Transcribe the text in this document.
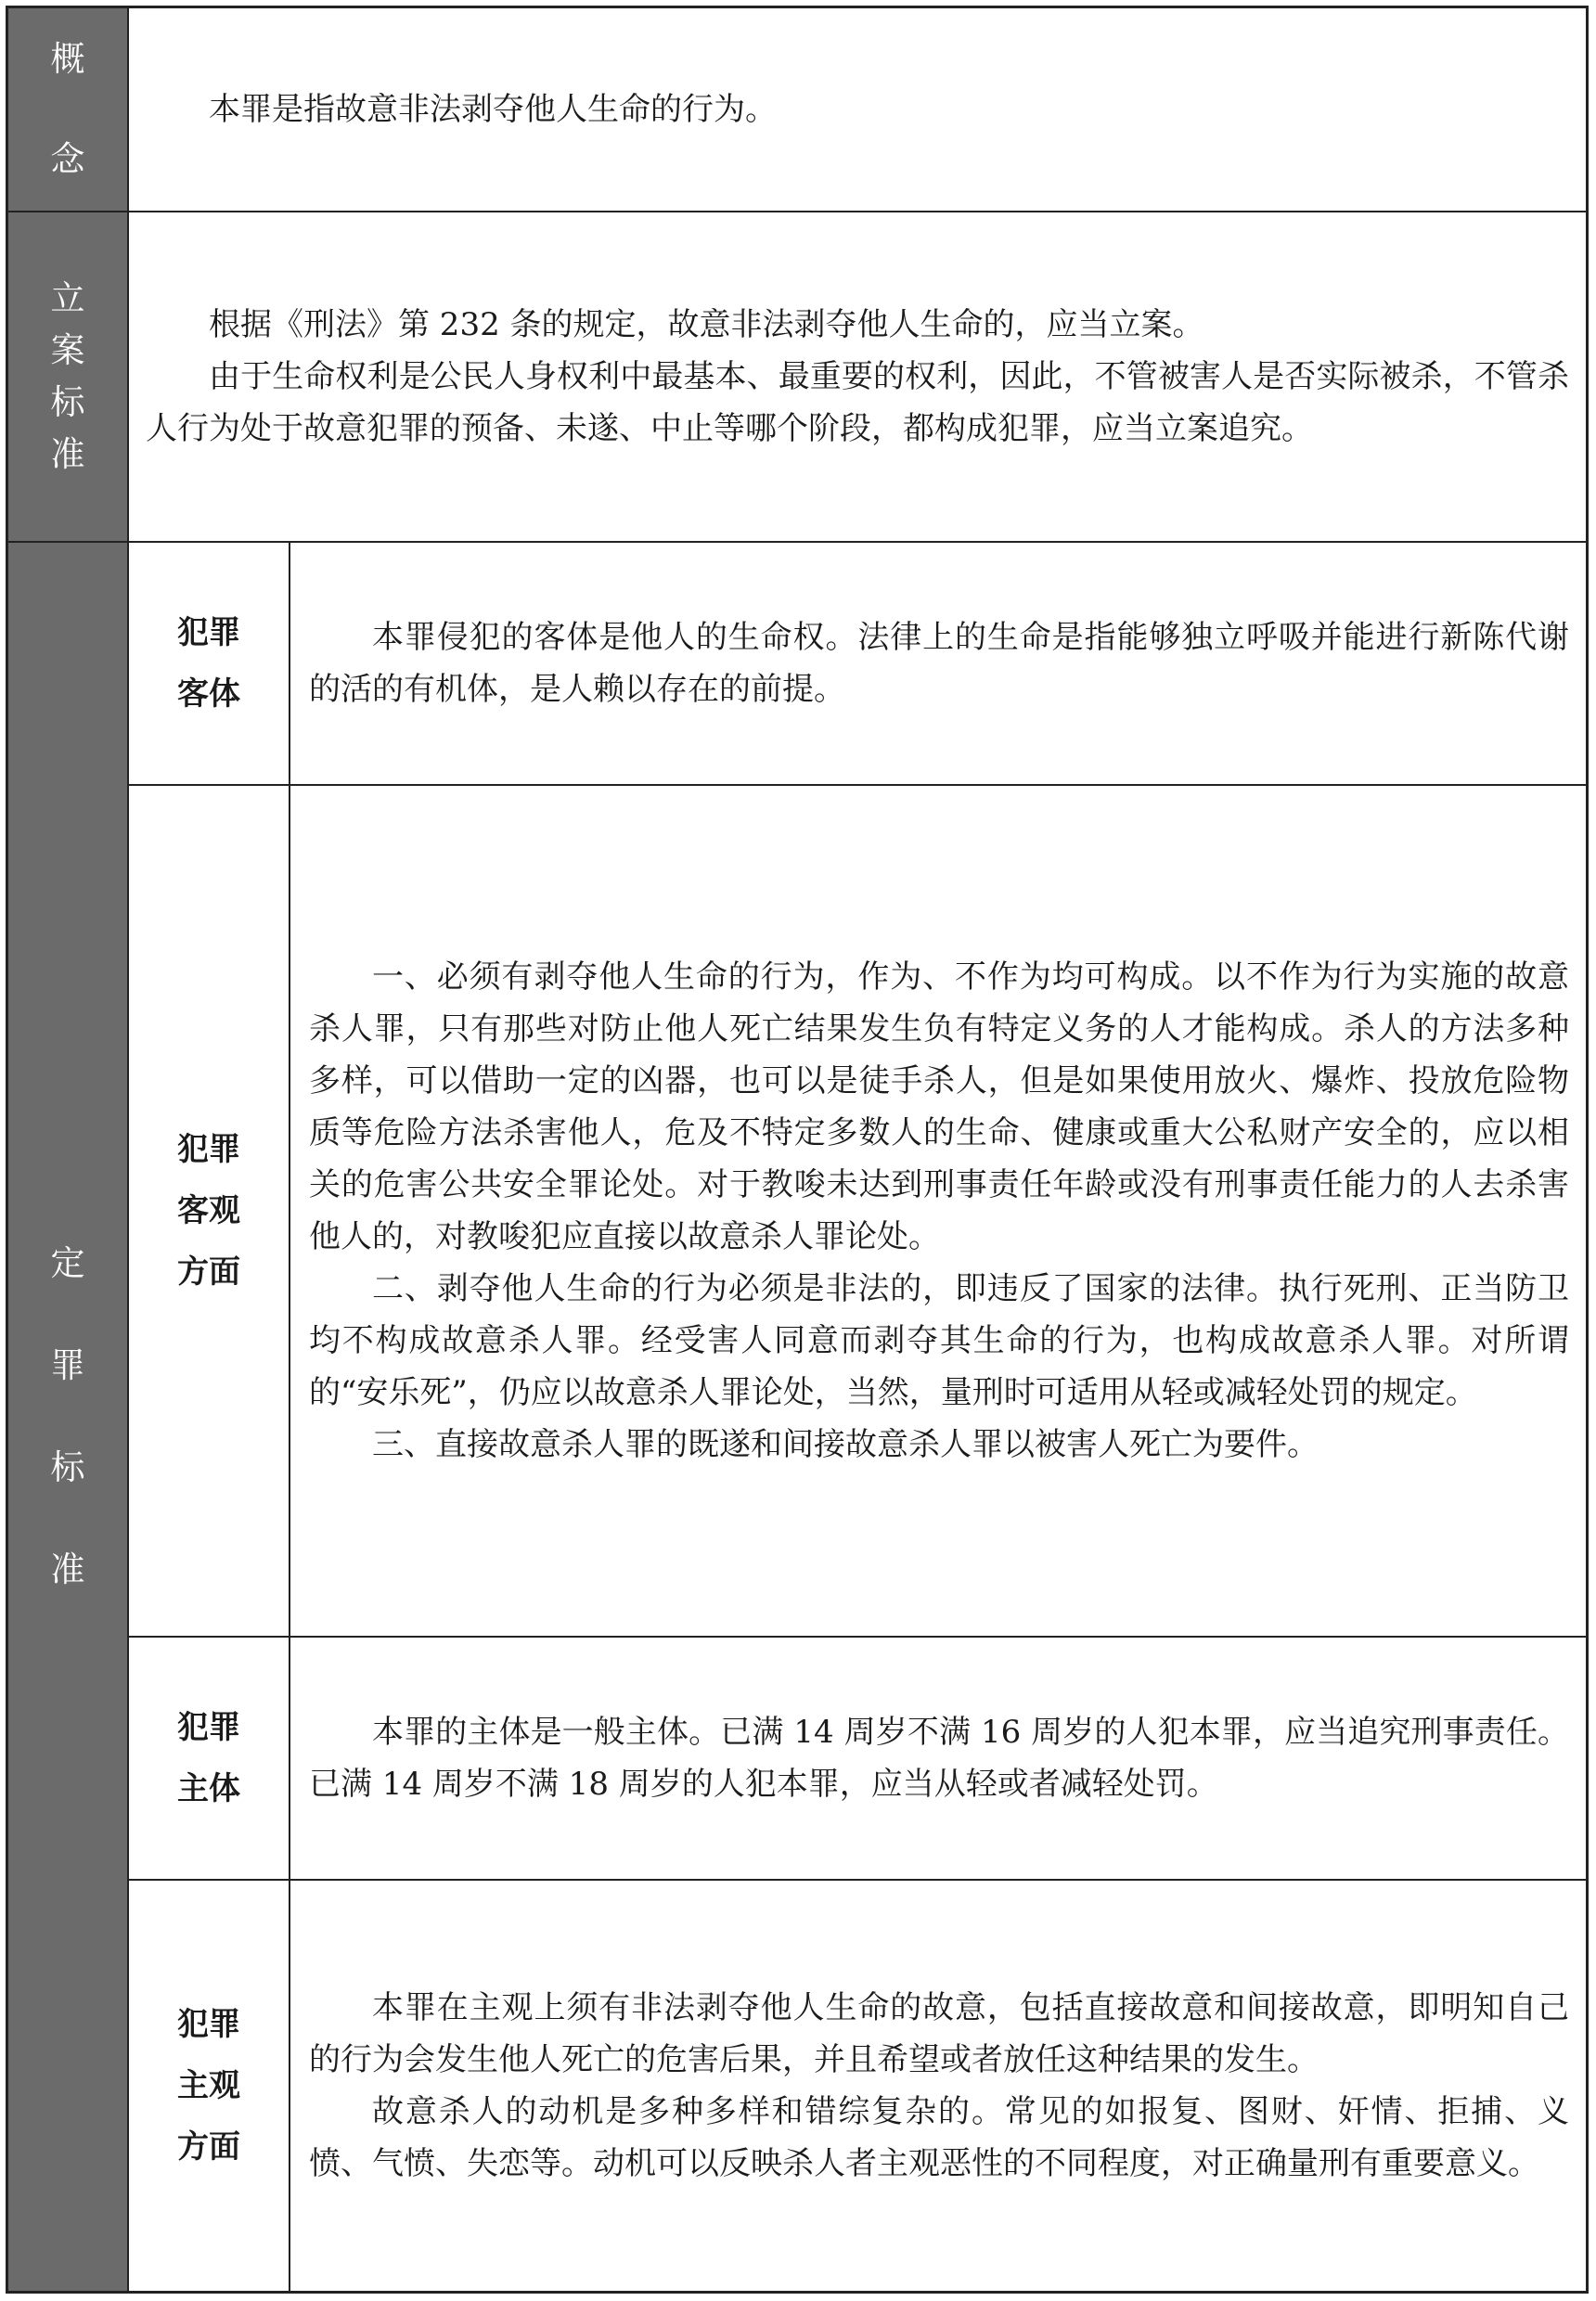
概念

本罪是指故意非法剥夺他人生命的行为。

立案标准

根据《刑法》第 232 条的规定，故意非法剥夺他人生命的，应当立案。

由于生命权利是公民人身权利中最基本、最重要的权利，因此，不管被害人是否实际被杀，不管杀人行为处于故意犯罪的预备、未遂、中止等哪个阶段，都构成犯罪，应当立案追究。

定罪标准
犯罪客体

本罪侵犯的客体是他人的生命权。法律上的生命是指能够独立呼吸并能进行新陈代谢的活的有机体，是人赖以存在的前提。

犯罪客观方面

一、必须有剥夺他人生命的行为，作为、不作为均可构成。以不作为行为实施的故意杀人罪，只有那些对防止他人死亡结果发生负有特定义务的人才能构成。杀人的方法多种多样，可以借助一定的凶器，也可以是徒手杀人，但是如果使用放火、爆炸、投放危险物质等危险方法杀害他人，危及不特定多数人的生命、健康或重大公私财产安全的，应以相关的危害公共安全罪论处。对于教唆未达到刑事责任年龄或没有刑事责任能力的人去杀害他人的，对教唆犯应直接以故意杀人罪论处。

二、剥夺他人生命的行为必须是非法的，即违反了国家的法律。执行死刑、正当防卫均不构成故意杀人罪。经受害人同意而剥夺其生命的行为，也构成故意杀人罪。对所谓的“安乐死”，仍应以故意杀人罪论处，当然，量刑时可适用从轻或减轻处罚的规定。

三、直接故意杀人罪的既遂和间接故意杀人罪以被害人死亡为要件。

犯罪主体

本罪的主体是一般主体。已满 14 周岁不满 16 周岁的人犯本罪，应当追究刑事责任。已满 14 周岁不满 18 周岁的人犯本罪，应当从轻或者减轻处罚。

犯罪主观方面

本罪在主观上须有非法剥夺他人生命的故意，包括直接故意和间接故意，即明知自己的行为会发生他人死亡的危害后果，并且希望或者放任这种结果的发生。

故意杀人的动机是多种多样和错综复杂的。常见的如报复、图财、奸情、拒捕、义愤、气愤、失恋等。动机可以反映杀人者主观恶性的不同程度，对正确量刑有重要意义。
